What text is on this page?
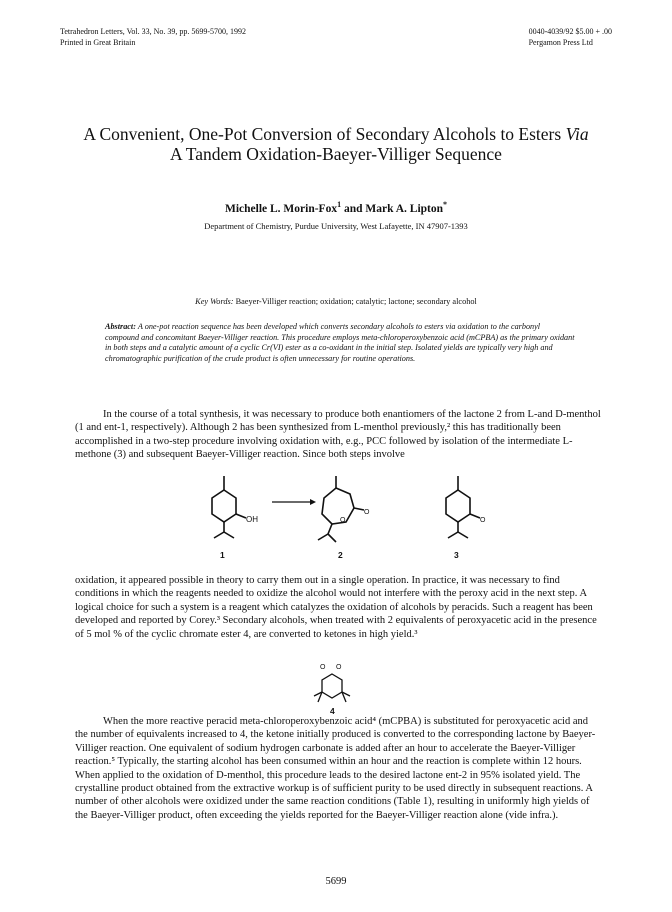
Tetrahedron Letters, Vol. 33, No. 39, pp. 5699-5700, 1992
Printed in Great Britain
0040-4039/92 $5.00 + .00
Pergamon Press Ltd
A Convenient, One-Pot Conversion of Secondary Alcohols to Esters Via
A Tandem Oxidation-Baeyer-Villiger Sequence
Michelle L. Morin-Fox$^1$ and Mark A. Lipton*
Department of Chemistry, Purdue University, West Lafayette, IN 47907-1393
Key Words: Baeyer-Villiger reaction; oxidation; catalytic; lactone; secondary alcohol
Abstract: A one-pot reaction sequence has been developed which converts secondary alcohols to esters via oxidation to the carbonyl compound and concomitant Baeyer-Villiger reaction. This procedure employs meta-chloroperoxybenzoic acid (mCPBA) as the primary oxidant in both steps and a catalytic amount of a cyclic Cr(VI) ester as a co-oxidant in the initial step. Isolated yields are typically very high and chromatographic purification of the crude product is often unnecessary for routine operations.

In the course of a total synthesis, it was necessary to produce both enantiomers of the lactone 2 from L-and D-menthol (1 and ent-1, respectively). Although 2 has been synthesized from L-menthol previously,² this has traditionally been accomplished in a two-step procedure involving oxidation with, e.g., PCC followed by isolation of the intermediate L-methone (3) and subsequent Baeyer-Villiger reaction. Since both steps involve

OH	O
O
O
1	2	3

oxidation, it appeared possible in theory to carry them out in a single operation. In practice, it was necessary to find conditions in which the reagents needed to oxidize the alcohol would not interfere with the peroxy acid in the next step. A logical choice for such a system is a reagent which catalyzes the oxidation of alcohols by peracids. Such a reagent has been developed and reported by Corey.³ Secondary alcohols, when treated with 2 equivalents of peroxyacetic acid in the presence of 5 mol % of the cyclic chromate ester 4, are converted to ketones in high yield.³

O O
4

When the more reactive peracid meta-chloroperoxybenzoic acid⁴ (mCPBA) is substituted for peroxyacetic acid and the number of equivalents increased to 4, the ketone initially produced is converted to the corresponding lactone by Baeyer-Villiger reaction. One equivalent of sodium hydrogen carbonate is added after an hour to accelerate the Baeyer-Villiger reaction.⁵ Typically, the starting alcohol has been consumed within an hour and the reaction is complete within 12 hours. When applied to the oxidation of D-menthol, this procedure leads to the desired lactone ent-2 in 95% isolated yield. The crystalline product obtained from the extractive workup is of sufficient purity to be used directly in subsequent reactions. A number of other alcohols were oxidized under the same reaction conditions (Table 1), resulting in uniformly high yields of the Baeyer-Villiger product, often exceeding the yields reported for the Baeyer-Villiger reaction alone (vide infra.).

5699
